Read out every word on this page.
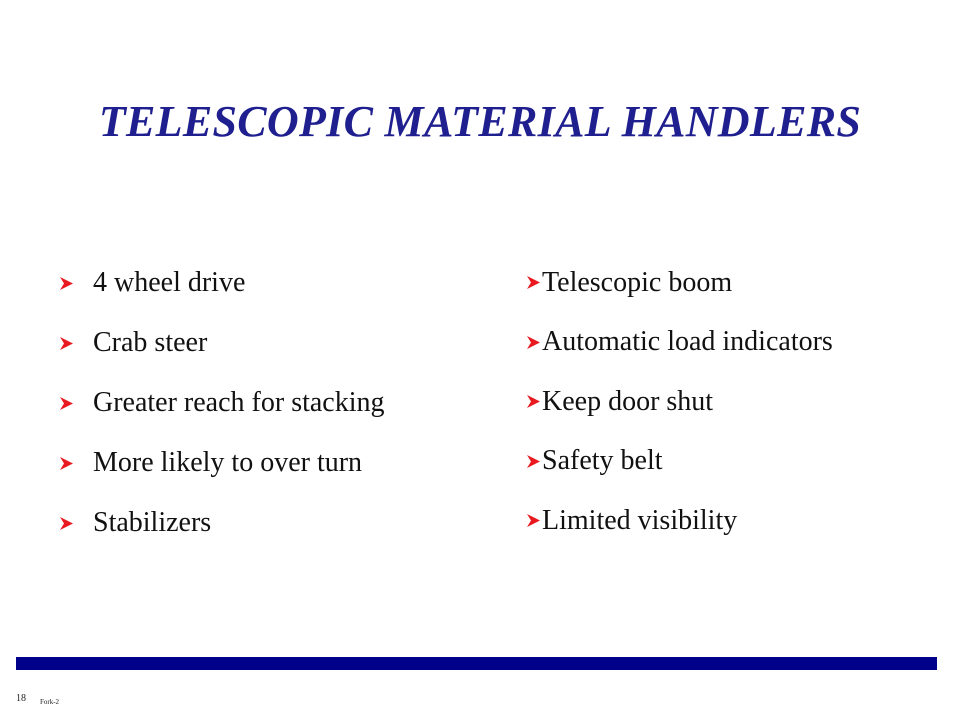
TELESCOPIC MATERIAL HANDLERS
4 wheel drive
Crab steer
Greater reach for stacking
More likely to over turn
Stabilizers
Telescopic boom
Automatic load indicators
Keep door shut
Safety belt
Limited visibility
18 Fork-2
